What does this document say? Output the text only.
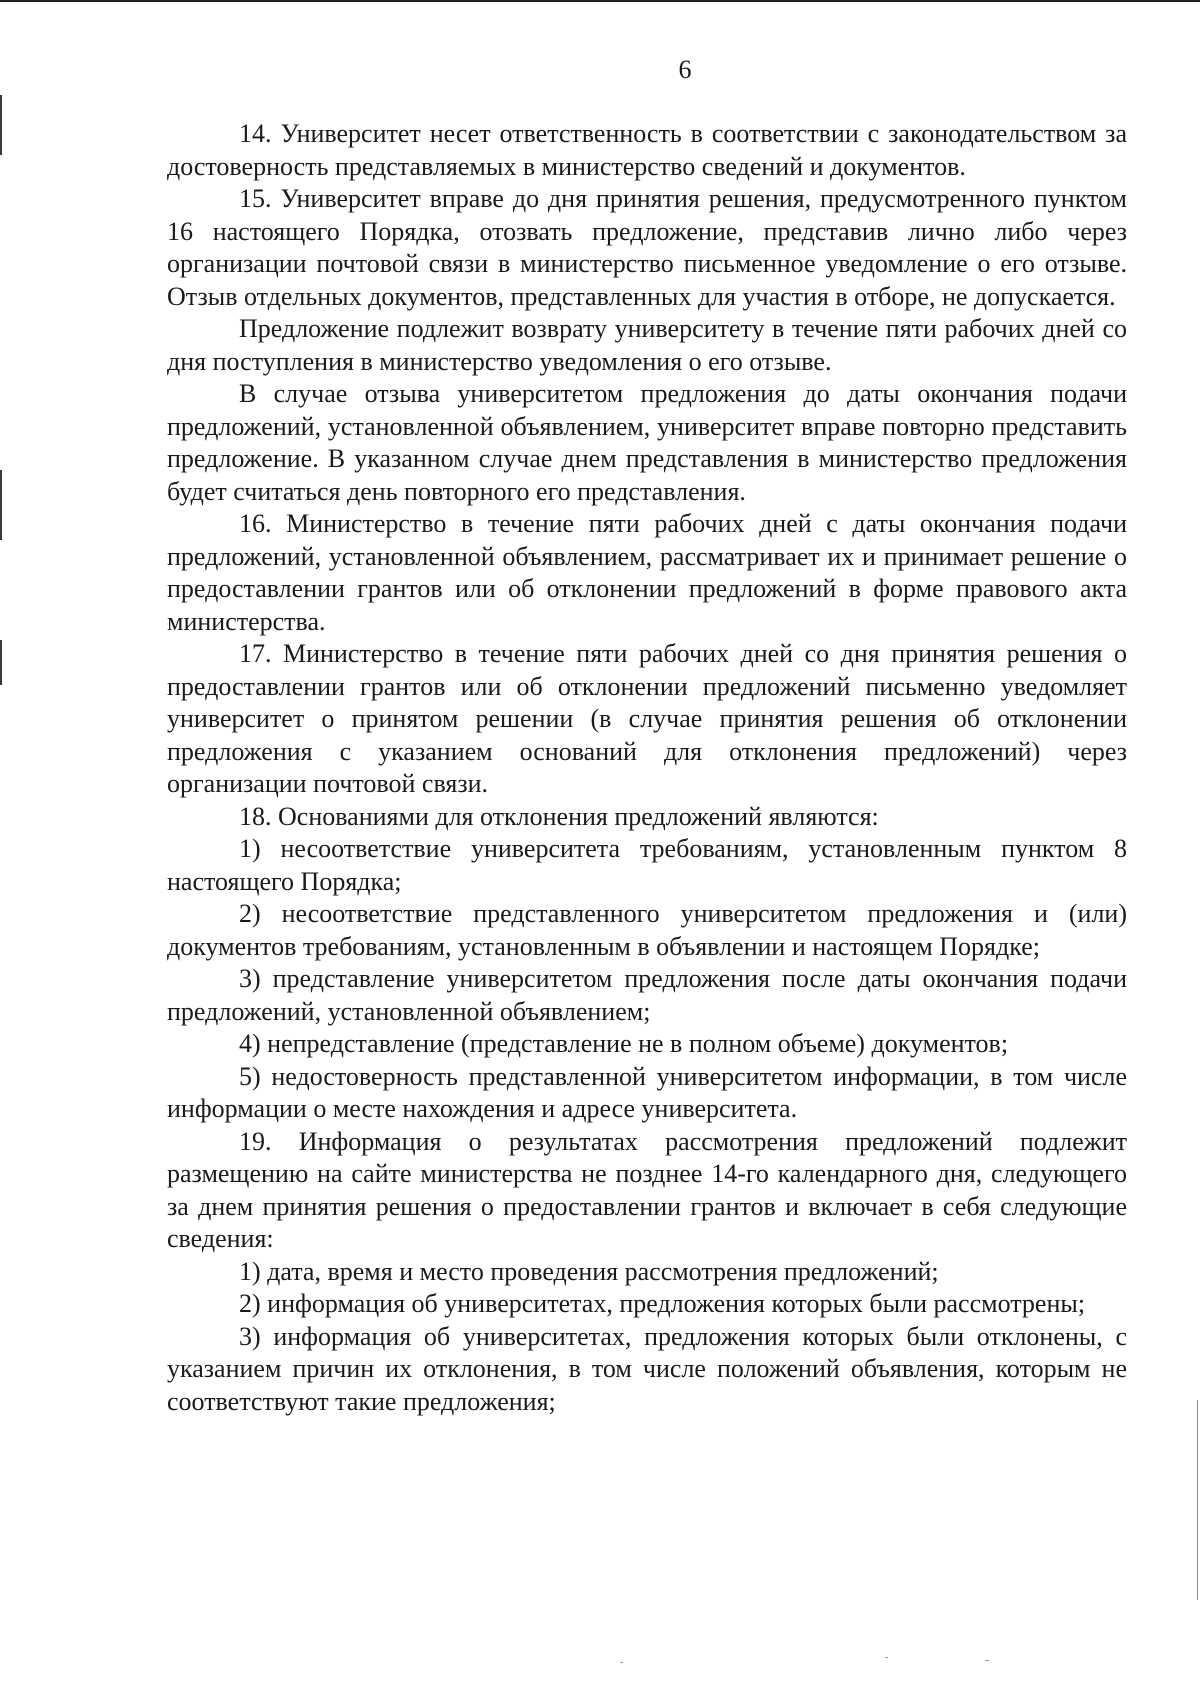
6

14. Университет несет ответственность в соответствии с законодательством за достоверность представляемых в министерство сведений и документов.

15. Университет вправе до дня принятия решения, предусмотренного пунктом 16 настоящего Порядка, отозвать предложение, представив лично либо через организации почтовой связи в министерство письменное уведомление о его отзыве. Отзыв отдельных документов, представленных для участия в отборе, не допускается.

Предложение подлежит возврату университету в течение пяти рабочих дней со дня поступления в министерство уведомления о его отзыве.

В случае отзыва университетом предложения до даты окончания подачи предложений, установленной объявлением, университет вправе повторно представить предложение. В указанном случае днем представления в министерство предложения будет считаться день повторного его представления.

16. Министерство в течение пяти рабочих дней с даты окончания подачи предложений, установленной объявлением, рассматривает их и принимает решение о предоставлении грантов или об отклонении предложений в форме правового акта министерства.

17. Министерство в течение пяти рабочих дней со дня принятия решения о предоставлении грантов или об отклонении предложений письменно уведомляет университет о принятом решении (в случае принятия решения об отклонении предложения с указанием оснований для отклонения предложений) через организации почтовой связи.

18. Основаниями для отклонения предложений являются:

1) несоответствие университета требованиям, установленным пунктом 8 настоящего Порядка;

2) несоответствие представленного университетом предложения и (или) документов требованиям, установленным в объявлении и настоящем Порядке;

3) представление университетом предложения после даты окончания подачи предложений, установленной объявлением;

4) непредставление (представление не в полном объеме) документов;

5) недостоверность представленной университетом информации, в том числе информации о месте нахождения и адресе университета.

19. Информация о результатах рассмотрения предложений подлежит размещению на сайте министерства не позднее 14-го календарного дня, следующего за днем принятия решения о предоставлении грантов и включает в себя следующие сведения:

1) дата, время и место проведения рассмотрения предложений;

2) информация об университетах, предложения которых были рассмотрены;

3) информация об университетах, предложения которых были отклонены, с указанием причин их отклонения, в том числе положений объявления, которым не соответствуют такие предложения;
